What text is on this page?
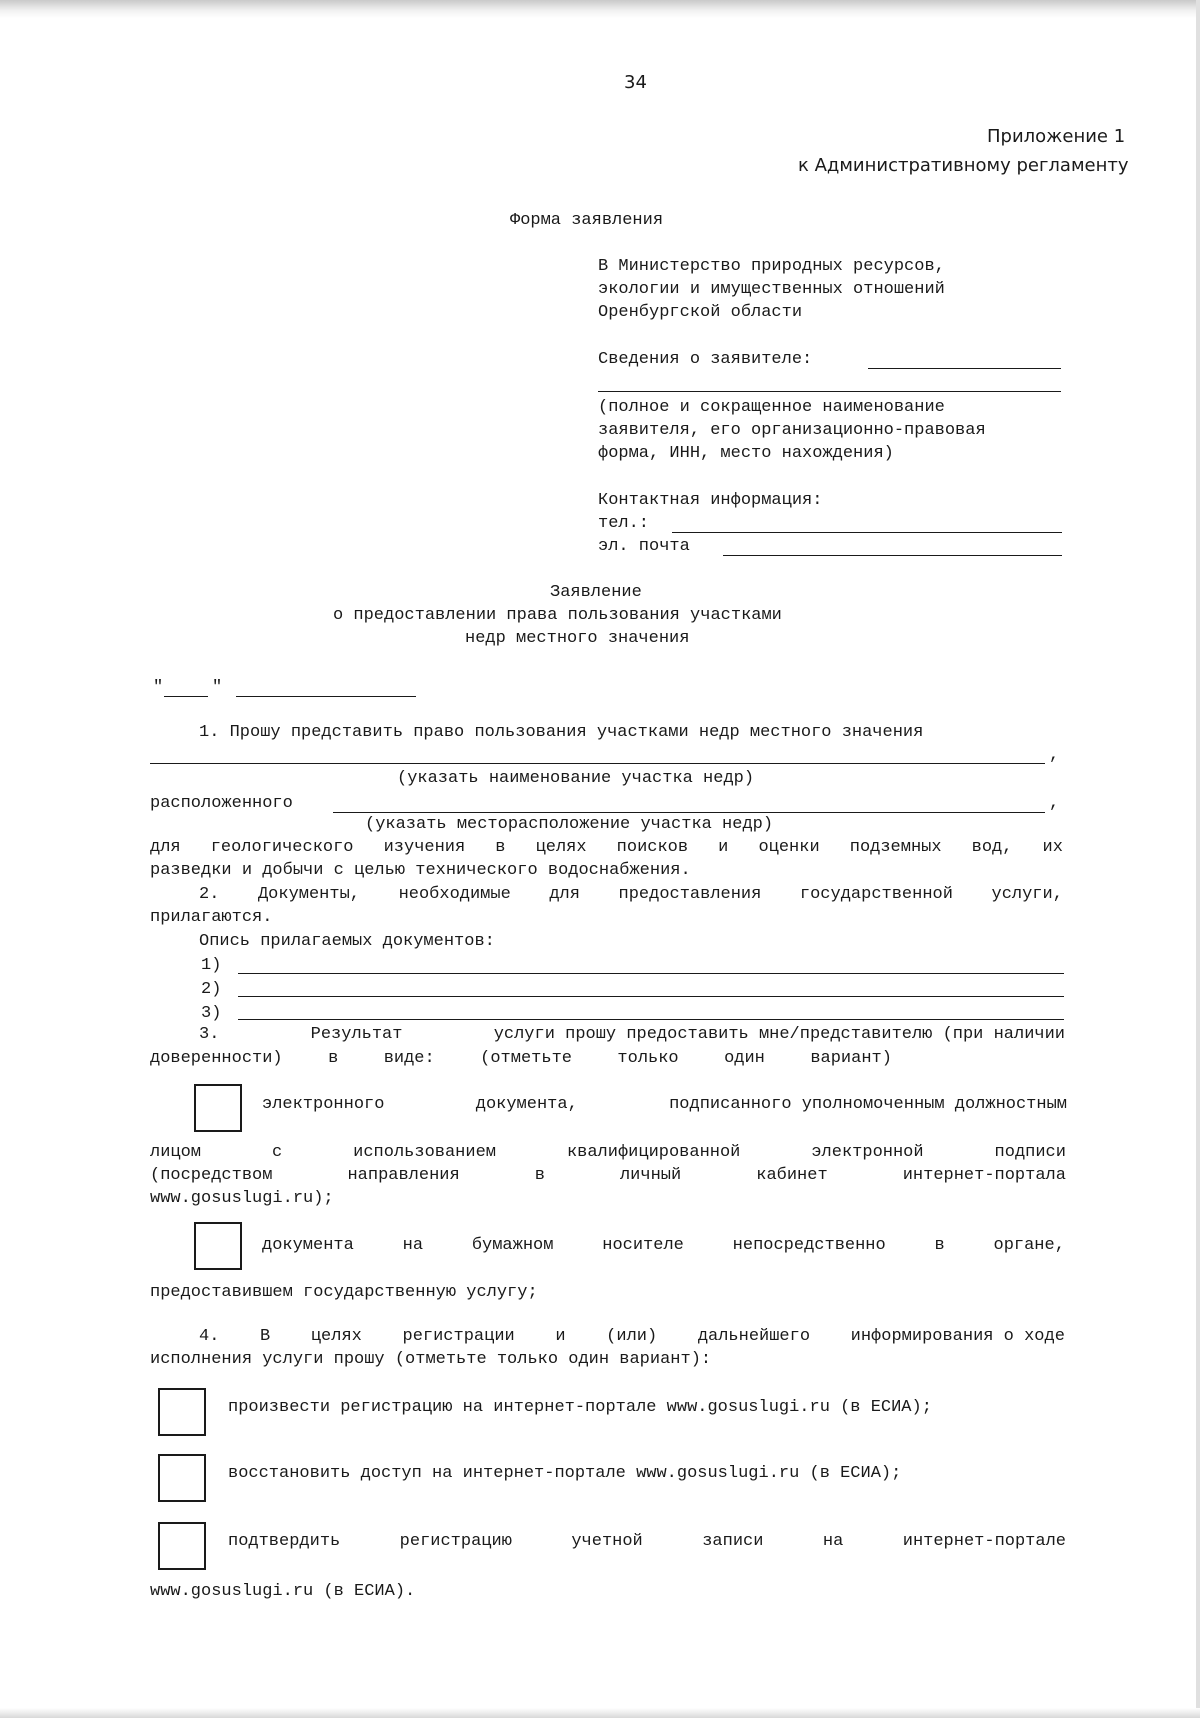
34
Приложение 1
к Административному регламенту
Форма заявления
В Министерство природных ресурсов,
экологии и имущественных отношений
Оренбургской области
Сведения о заявителе:
(полное и сокращенное наименование
заявителя, его организационно-правовая
форма, ИНН, место нахождения)
Контактная информация:
тел.:
эл. почта
Заявление
о предоставлении права пользования участками
недр местного значения
"	"
1. Прошу представить право пользования участками недр местного значения
,
(указать наименование участка недр)
расположенного	,
(указать месторасположение участка недр)
для геологического изучения в целях поисков и оценки подземных вод, их
разведки и добычи с целью технического водоснабжения.
2. Документы, необходимые для предоставления государственной услуги,
прилагаются.
Опись прилагаемых документов:
1)
2)
3)
3.	Результат	услуги прошу предоставить мне/представителю (при наличии
доверенности)	в	виде:	(отметьте	только	один	вариант)
электронного	документа,	подписанного уполномоченным должностным
лицом	с	использованием	квалифицированной	электронной	подписи
(посредством	направления	в	личный	кабинет	интернет-портала
www.gosuslugi.ru);
документа	на	бумажном	носителе	непосредственно	в	органе,
предоставившем государственную услугу;
4. В целях регистрации и (или) дальнейшего информирования о ходе
исполнения услуги прошу (отметьте только один вариант):
произвести регистрацию на интернет-портале www.gosuslugi.ru (в ЕСИА);
восстановить доступ на интернет-портале www.gosuslugi.ru (в ЕСИА);
подтвердить	регистрацию	учетной	записи	на	интернет-портале
www.gosuslugi.ru (в ЕСИА).
